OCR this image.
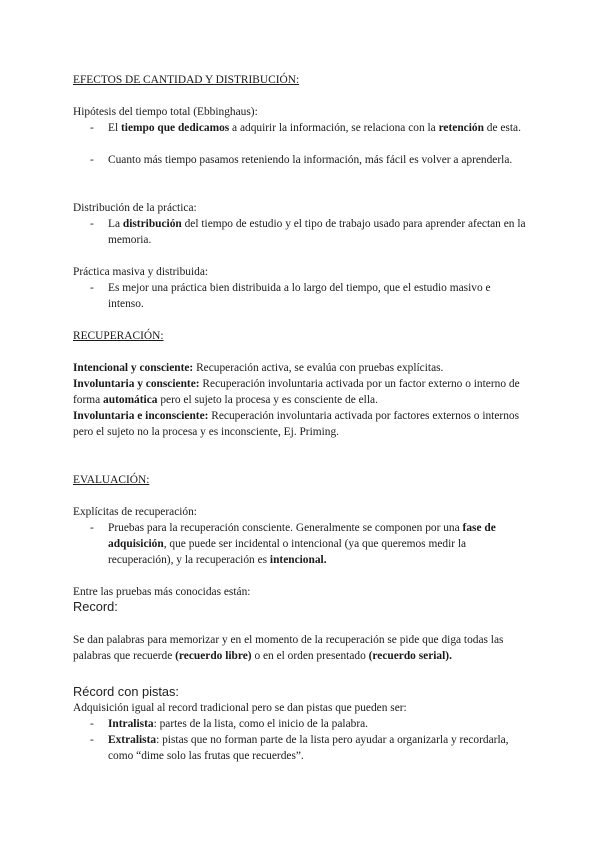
EFECTOS DE CANTIDAD Y DISTRIBUCIÓN:
Hipótesis del tiempo total (Ebbinghaus):
- El tiempo que dedicamos a adquirir la información, se relaciona con la retención de esta.
- Cuanto más tiempo pasamos reteniendo la información, más fácil es volver a aprenderla.
Distribución de la práctica:
- La distribución del tiempo de estudio y el tipo de trabajo usado para aprender afectan en la memoria.
Práctica masiva y distribuida:
- Es mejor una práctica bien distribuida a lo largo del tiempo, que el estudio masivo e intenso.
RECUPERACIÓN:
Intencional y consciente: Recuperación activa, se evalúa con pruebas explícitas.
Involuntaria y consciente: Recuperación involuntaria activada por un factor externo o interno de forma automática pero el sujeto la procesa y es consciente de ella.
Involuntaria e inconsciente: Recuperación involuntaria activada por factores externos o internos pero el sujeto no la procesa y es inconsciente, Ej. Priming.
EVALUACIÓN:
Explícitas de recuperación:
- Pruebas para la recuperación consciente. Generalmente se componen por una fase de adquisición, que puede ser incidental o intencional (ya que queremos medir la recuperación), y la recuperación es intencional.
Entre las pruebas más conocidas están:
Record:
Se dan palabras para memorizar y en el momento de la recuperación se pide que diga todas las palabras que recuerde (recuerdo libre) o en el orden presentado (recuerdo serial).
Récord con pistas:
Adquisición igual al record tradicional pero se dan pistas que pueden ser:
- Intralista: partes de la lista, como el inicio de la palabra.
- Extralista: pistas que no forman parte de la lista pero ayudar a organizarla y recordarla, como “dime solo las frutas que recuerdes”.
